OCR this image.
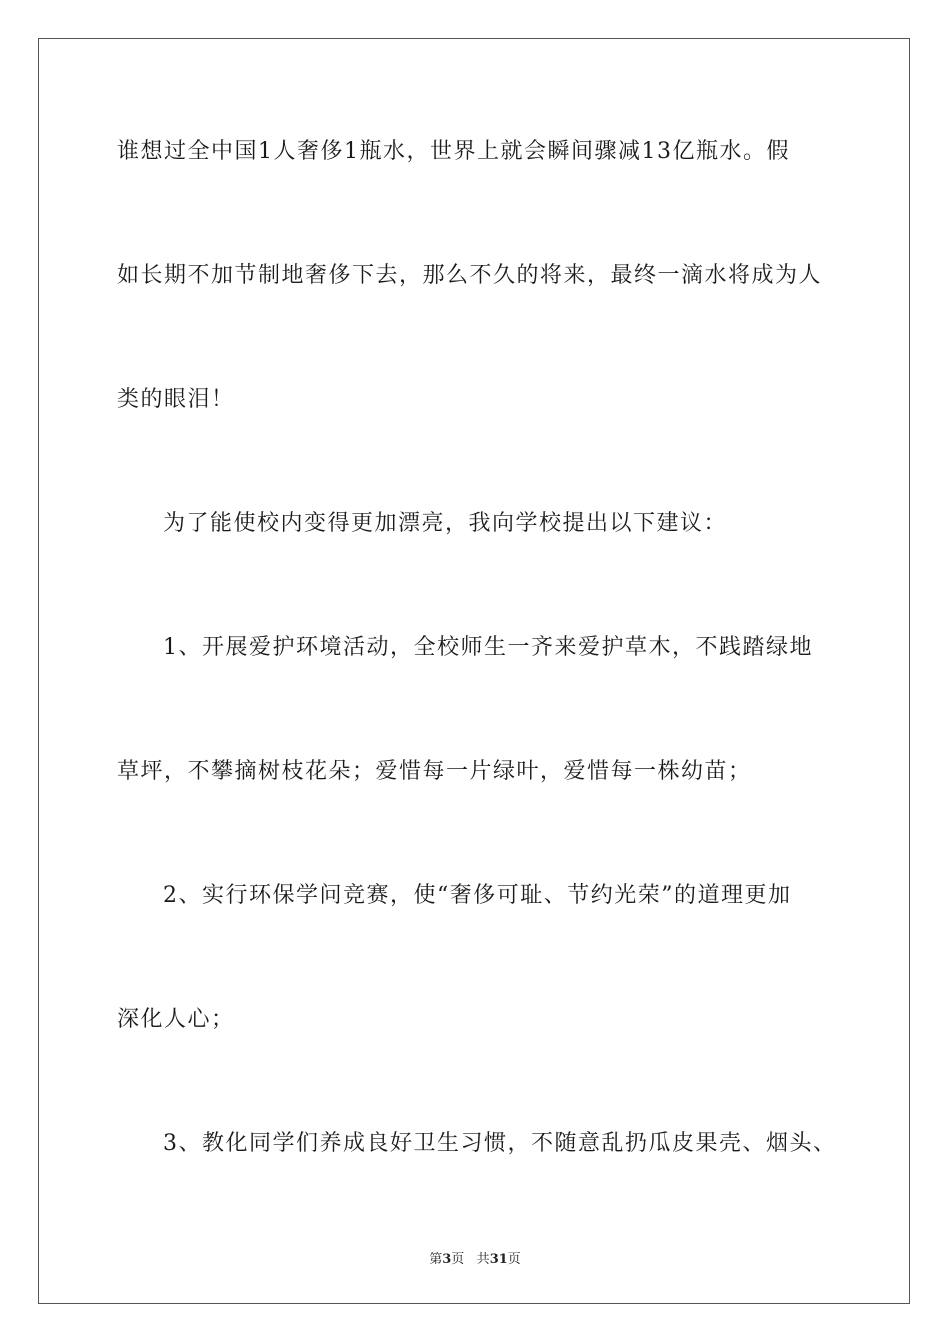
谁想过全中国1人奢侈1瓶水，世界上就会瞬间骤减13亿瓶水。假
如长期不加节制地奢侈下去，那么不久的将来，最终一滴水将成为人
类的眼泪！
为了能使校内变得更加漂亮，我向学校提出以下建议：
1、开展爱护环境活动，全校师生一齐来爱护草木，不践踏绿地
草坪，不攀摘树枝花朵；爱惜每一片绿叶，爱惜每一株幼苗；
2、实行环保学问竞赛，使“奢侈可耻、节约光荣”的道理更加
深化人心；
3、教化同学们养成良好卫生习惯，不随意乱扔瓜皮果壳、烟头、
第3页 共31页
